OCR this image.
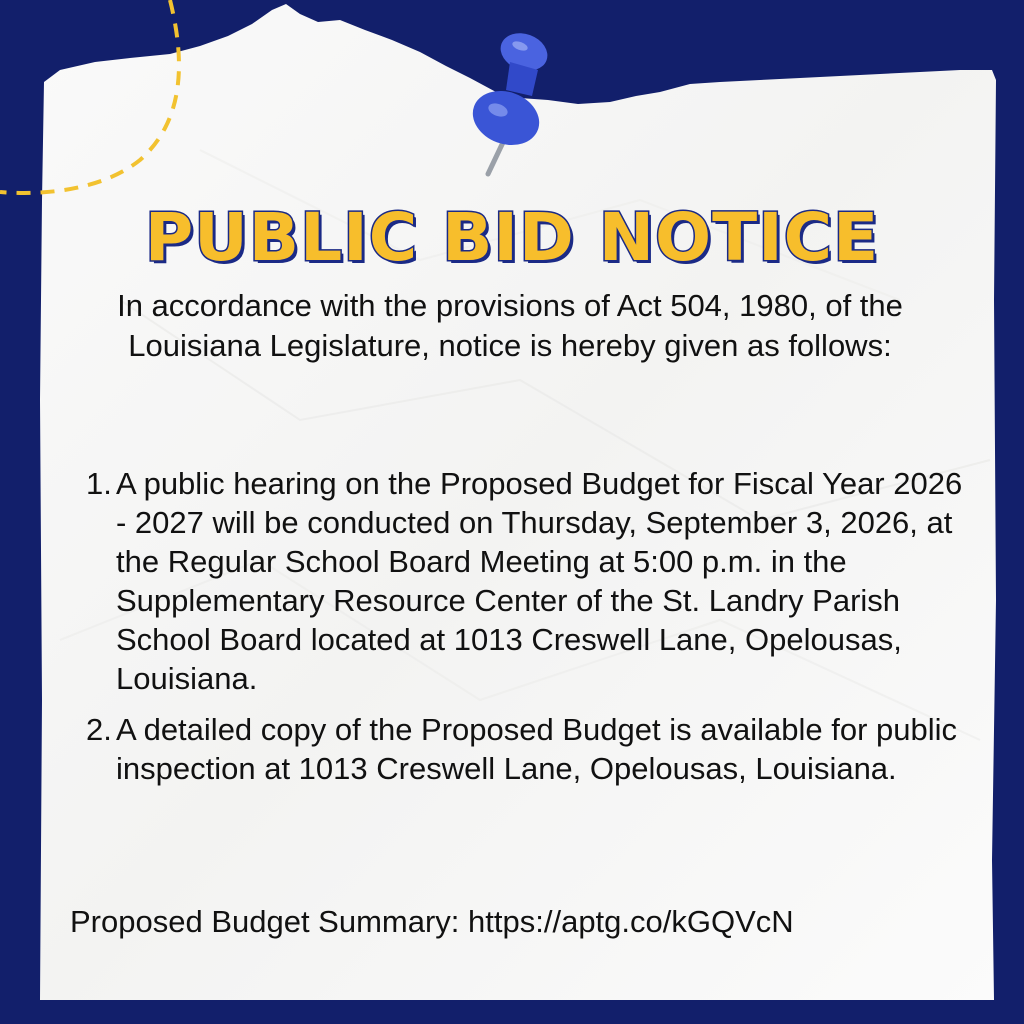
PUBLIC BID NOTICE

In accordance with the provisions of Act 504, 1980, of the Louisiana Legislature, notice is hereby given as follows:

1. A public hearing on the Proposed Budget for Fiscal Year 2026 - 2027 will be conducted on Thursday, September 3, 2026, at the Regular School Board Meeting at 5:00 p.m. in the Supplementary Resource Center of the St. Landry Parish School Board located at 1013 Creswell Lane, Opelousas, Louisiana.
2. A detailed copy of the Proposed Budget is available for public inspection at 1013 Creswell Lane, Opelousas, Louisiana.

Proposed Budget Summary: https://aptg.co/kGQVcN
